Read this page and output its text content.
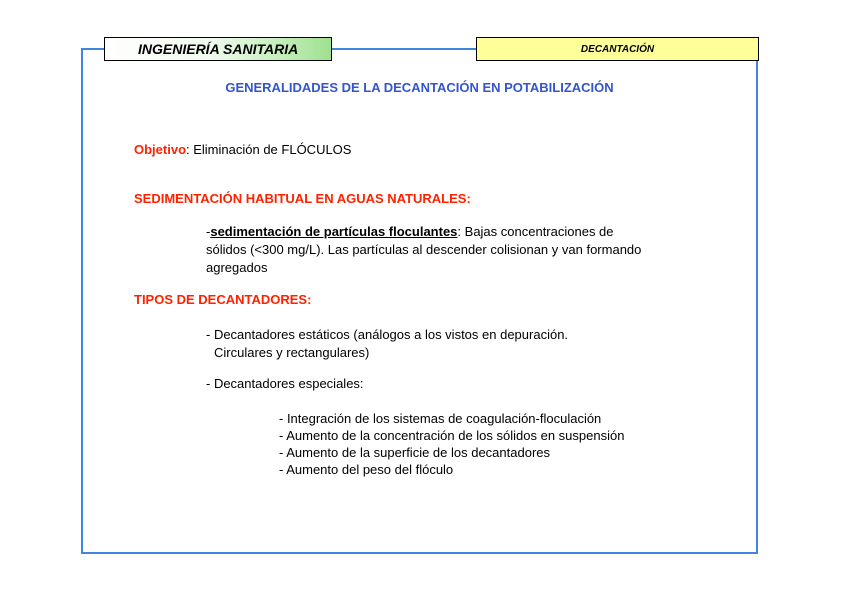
INGENIERÍA SANITARIA	DECANTACIÓN
GENERALIDADES DE LA DECANTACIÓN EN POTABILIZACIÓN
Objetivo: Eliminación de FLÓCULOS
SEDIMENTACIÓN HABITUAL EN AGUAS NATURALES:
-sedimentación de partículas floculantes: Bajas concentraciones de
sólidos (<300 mg/L). Las partículas al descender colisionan y van formando
agregados
TIPOS DE DECANTADORES:
- Decantadores estáticos (análogos a los vistos en depuración.
Circulares y rectangulares)
- Decantadores especiales:
- Integración de los sistemas de coagulación-floculación
- Aumento de la concentración de los sólidos en suspensión
- Aumento de la superficie de los decantadores
- Aumento del peso del flóculo
